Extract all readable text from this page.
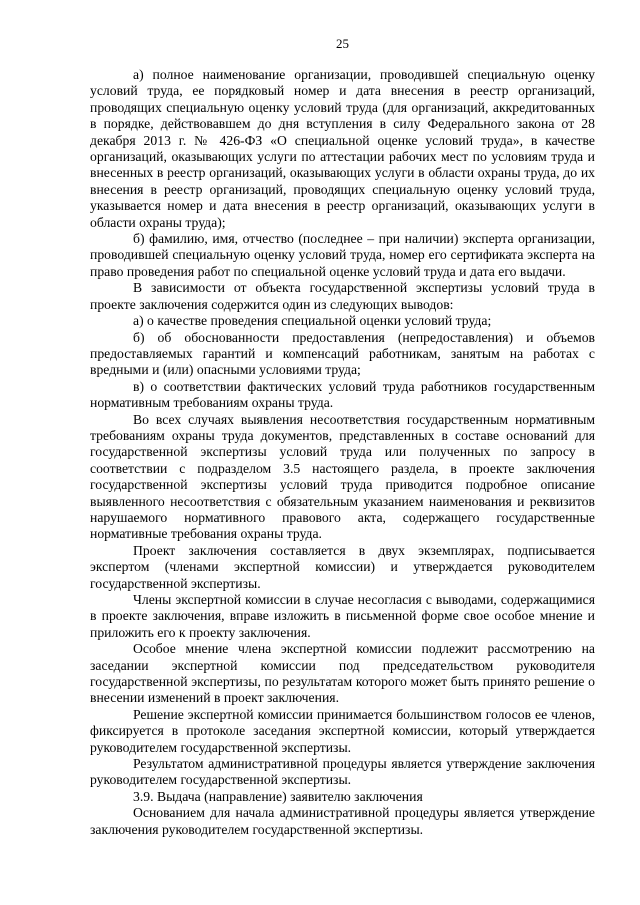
25

а) полное наименование организации, проводившей специальную оценку условий труда, ее порядковый номер и дата внесения в реестр организаций, проводящих специальную оценку условий труда (для организаций, аккредитованных в порядке, действовавшем до дня вступления в силу Федерального закона от 28 декабря 2013 г. № 426-ФЗ «О специальной оценке условий труда», в качестве организаций, оказывающих услуги по аттестации рабочих мест по условиям труда и внесенных в реестр организаций, оказывающих услуги в области охраны труда, до их внесения в реестр организаций, проводящих специальную оценку условий труда, указывается номер и дата внесения в реестр организаций, оказывающих услуги в области охраны труда);

б) фамилию, имя, отчество (последнее – при наличии) эксперта организации, проводившей специальную оценку условий труда, номер его сертификата эксперта на право проведения работ по специальной оценке условий труда и дата его выдачи.

В зависимости от объекта государственной экспертизы условий труда в проекте заключения содержится один из следующих выводов:

а) о качестве проведения специальной оценки условий труда;

б) об обоснованности предоставления (непредоставления) и объемов предоставляемых гарантий и компенсаций работникам, занятым на работах с вредными и (или) опасными условиями труда;

в) о соответствии фактических условий труда работников государственным нормативным требованиям охраны труда.

Во всех случаях выявления несоответствия государственным нормативным требованиям охраны труда документов, представленных в составе оснований для государственной экспертизы условий труда или полученных по запросу в соответствии с подразделом 3.5 настоящего раздела, в проекте заключения государственной экспертизы условий труда приводится подробное описание выявленного несоответствия с обязательным указанием наименования и реквизитов нарушаемого нормативного правового акта, содержащего государственные нормативные требования охраны труда.

Проект заключения составляется в двух экземплярах, подписывается экспертом (членами экспертной комиссии) и утверждается руководителем государственной экспертизы.

Члены экспертной комиссии в случае несогласия с выводами, содержащимися в проекте заключения, вправе изложить в письменной форме свое особое мнение и приложить его к проекту заключения.

Особое мнение члена экспертной комиссии подлежит рассмотрению на заседании экспертной комиссии под председательством руководителя государственной экспертизы, по результатам которого может быть принято решение о внесении изменений в проект заключения.

Решение экспертной комиссии принимается большинством голосов ее членов, фиксируется в протоколе заседания экспертной комиссии, который утверждается руководителем государственной экспертизы.

Результатом административной процедуры является утверждение заключения руководителем государственной экспертизы.

3.9. Выдача (направление) заявителю заключения

Основанием для начала административной процедуры является утверждение заключения руководителем государственной экспертизы.
